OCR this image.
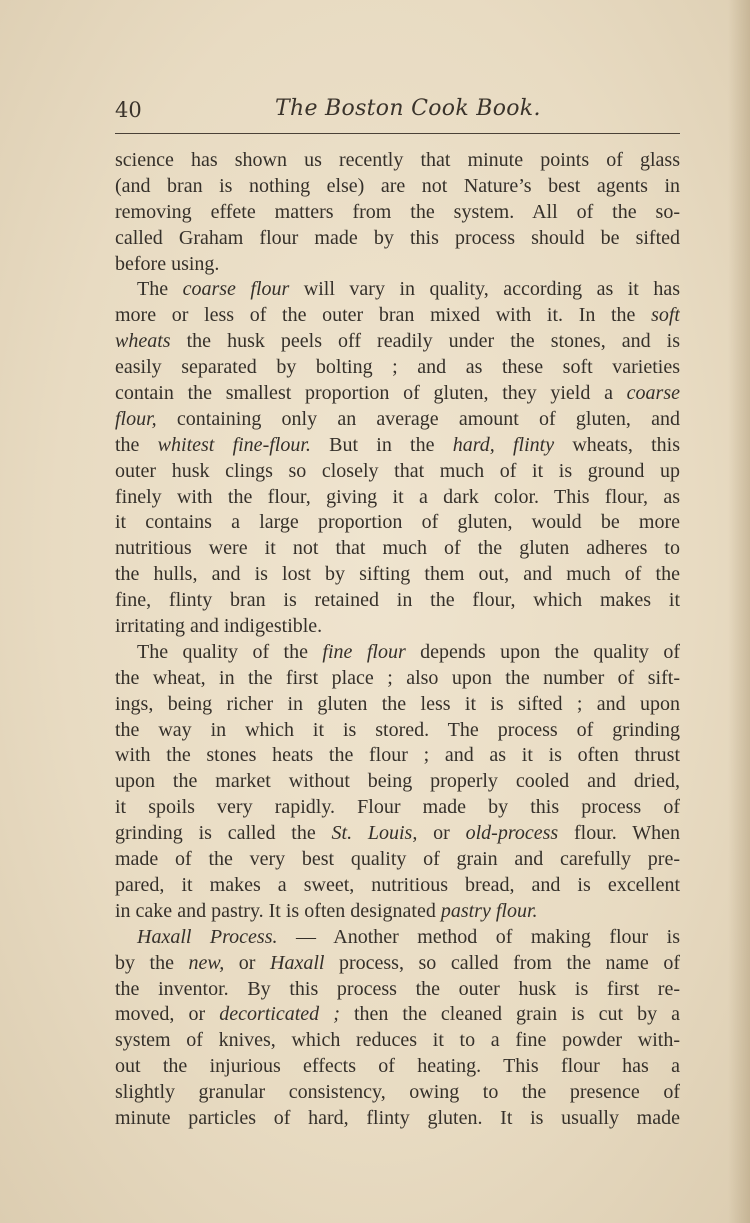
40	The Boston Cook Book.
science has shown us recently that minute points of glass
(and bran is nothing else) are not Nature’s best agents in
removing effete matters from the system. All of the so-
called Graham flour made by this process should be sifted
before using.
The coarse flour will vary in quality, according as it has
more or less of the outer bran mixed with it. In the soft
wheats the husk peels off readily under the stones, and is
easily separated by bolting ; and as these soft varieties
contain the smallest proportion of gluten, they yield a coarse
flour, containing only an average amount of gluten, and
the whitest fine-flour. But in the hard, flinty wheats, this
outer husk clings so closely that much of it is ground up
finely with the flour, giving it a dark color. This flour, as
it contains a large proportion of gluten, would be more
nutritious were it not that much of the gluten adheres to
the hulls, and is lost by sifting them out, and much of the
fine, flinty bran is retained in the flour, which makes it
irritating and indigestible.
The quality of the fine flour depends upon the quality of
the wheat, in the first place ; also upon the number of sift-
ings, being richer in gluten the less it is sifted ; and upon
the way in which it is stored. The process of grinding
with the stones heats the flour ; and as it is often thrust
upon the market without being properly cooled and dried,
it spoils very rapidly. Flour made by this process of
grinding is called the St. Louis, or old-process flour. When
made of the very best quality of grain and carefully pre-
pared, it makes a sweet, nutritious bread, and is excellent
in cake and pastry. It is often designated pastry flour.
Haxall Process. — Another method of making flour is
by the new, or Haxall process, so called from the name of
the inventor. By this process the outer husk is first re-
moved, or decorticated ; then the cleaned grain is cut by a
system of knives, which reduces it to a fine powder with-
out the injurious effects of heating. This flour has a
slightly granular consistency, owing to the presence of
minute particles of hard, flinty gluten. It is usually made
